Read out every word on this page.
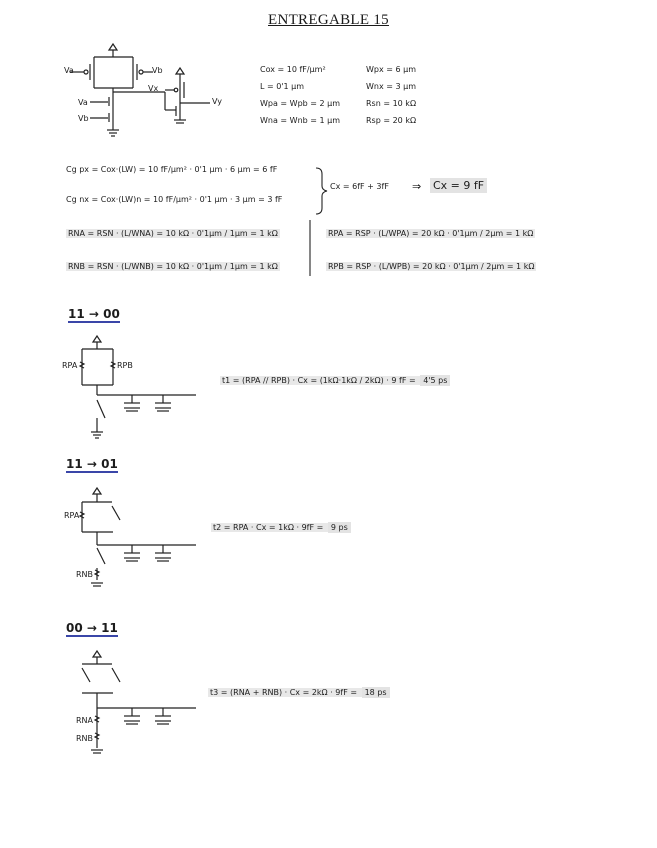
ENTREGABLE 15
Va	Vb
Va
Vb
Vx
Vy
Cox = 10 fF/µm²
L = 0'1 µm
Wpa = Wpb = 2 µm
Wna = Wnb = 1 µm
Wpx = 6 µm
Wnx = 3 µm
Rsn = 10 kΩ
Rsp = 20 kΩ
Cg px = Cox·(LW) = 10 fF/µm² · 0'1 µm · 6 µm = 6 fF
Cg nx = Cox·(LW)n = 10 fF/µm² · 0'1 µm · 3 µm = 3 fF
Cx = 6fF + 3fF ⇒ Cx = 9 fF
RNA = RSN · (L/WNA) = 10 kΩ · 0'1µm / 1µm = 1 kΩ
RNB = RSN · (L/WNB) = 10 kΩ · 0'1µm / 1µm = 1 kΩ
RPA = RSP · (L/WPA) = 20 kΩ · 0'1µm / 2µm = 1 kΩ
RPB = RSP · (L/WPB) = 20 kΩ · 0'1µm / 2µm = 1 kΩ
11 → 00
RPA	RPB
t1 = (RPA // RPB) · Cx = (1kΩ·1kΩ / 2kΩ) · 9 fF = 4'5 ps
11 → 01
RPA
RNB
t2 = RPA · Cx = 1kΩ · 9fF = 9 ps
00 → 11
RNA
RNB
t3 = (RNA + RNB) · Cx = 2kΩ · 9fF = 18 ps
